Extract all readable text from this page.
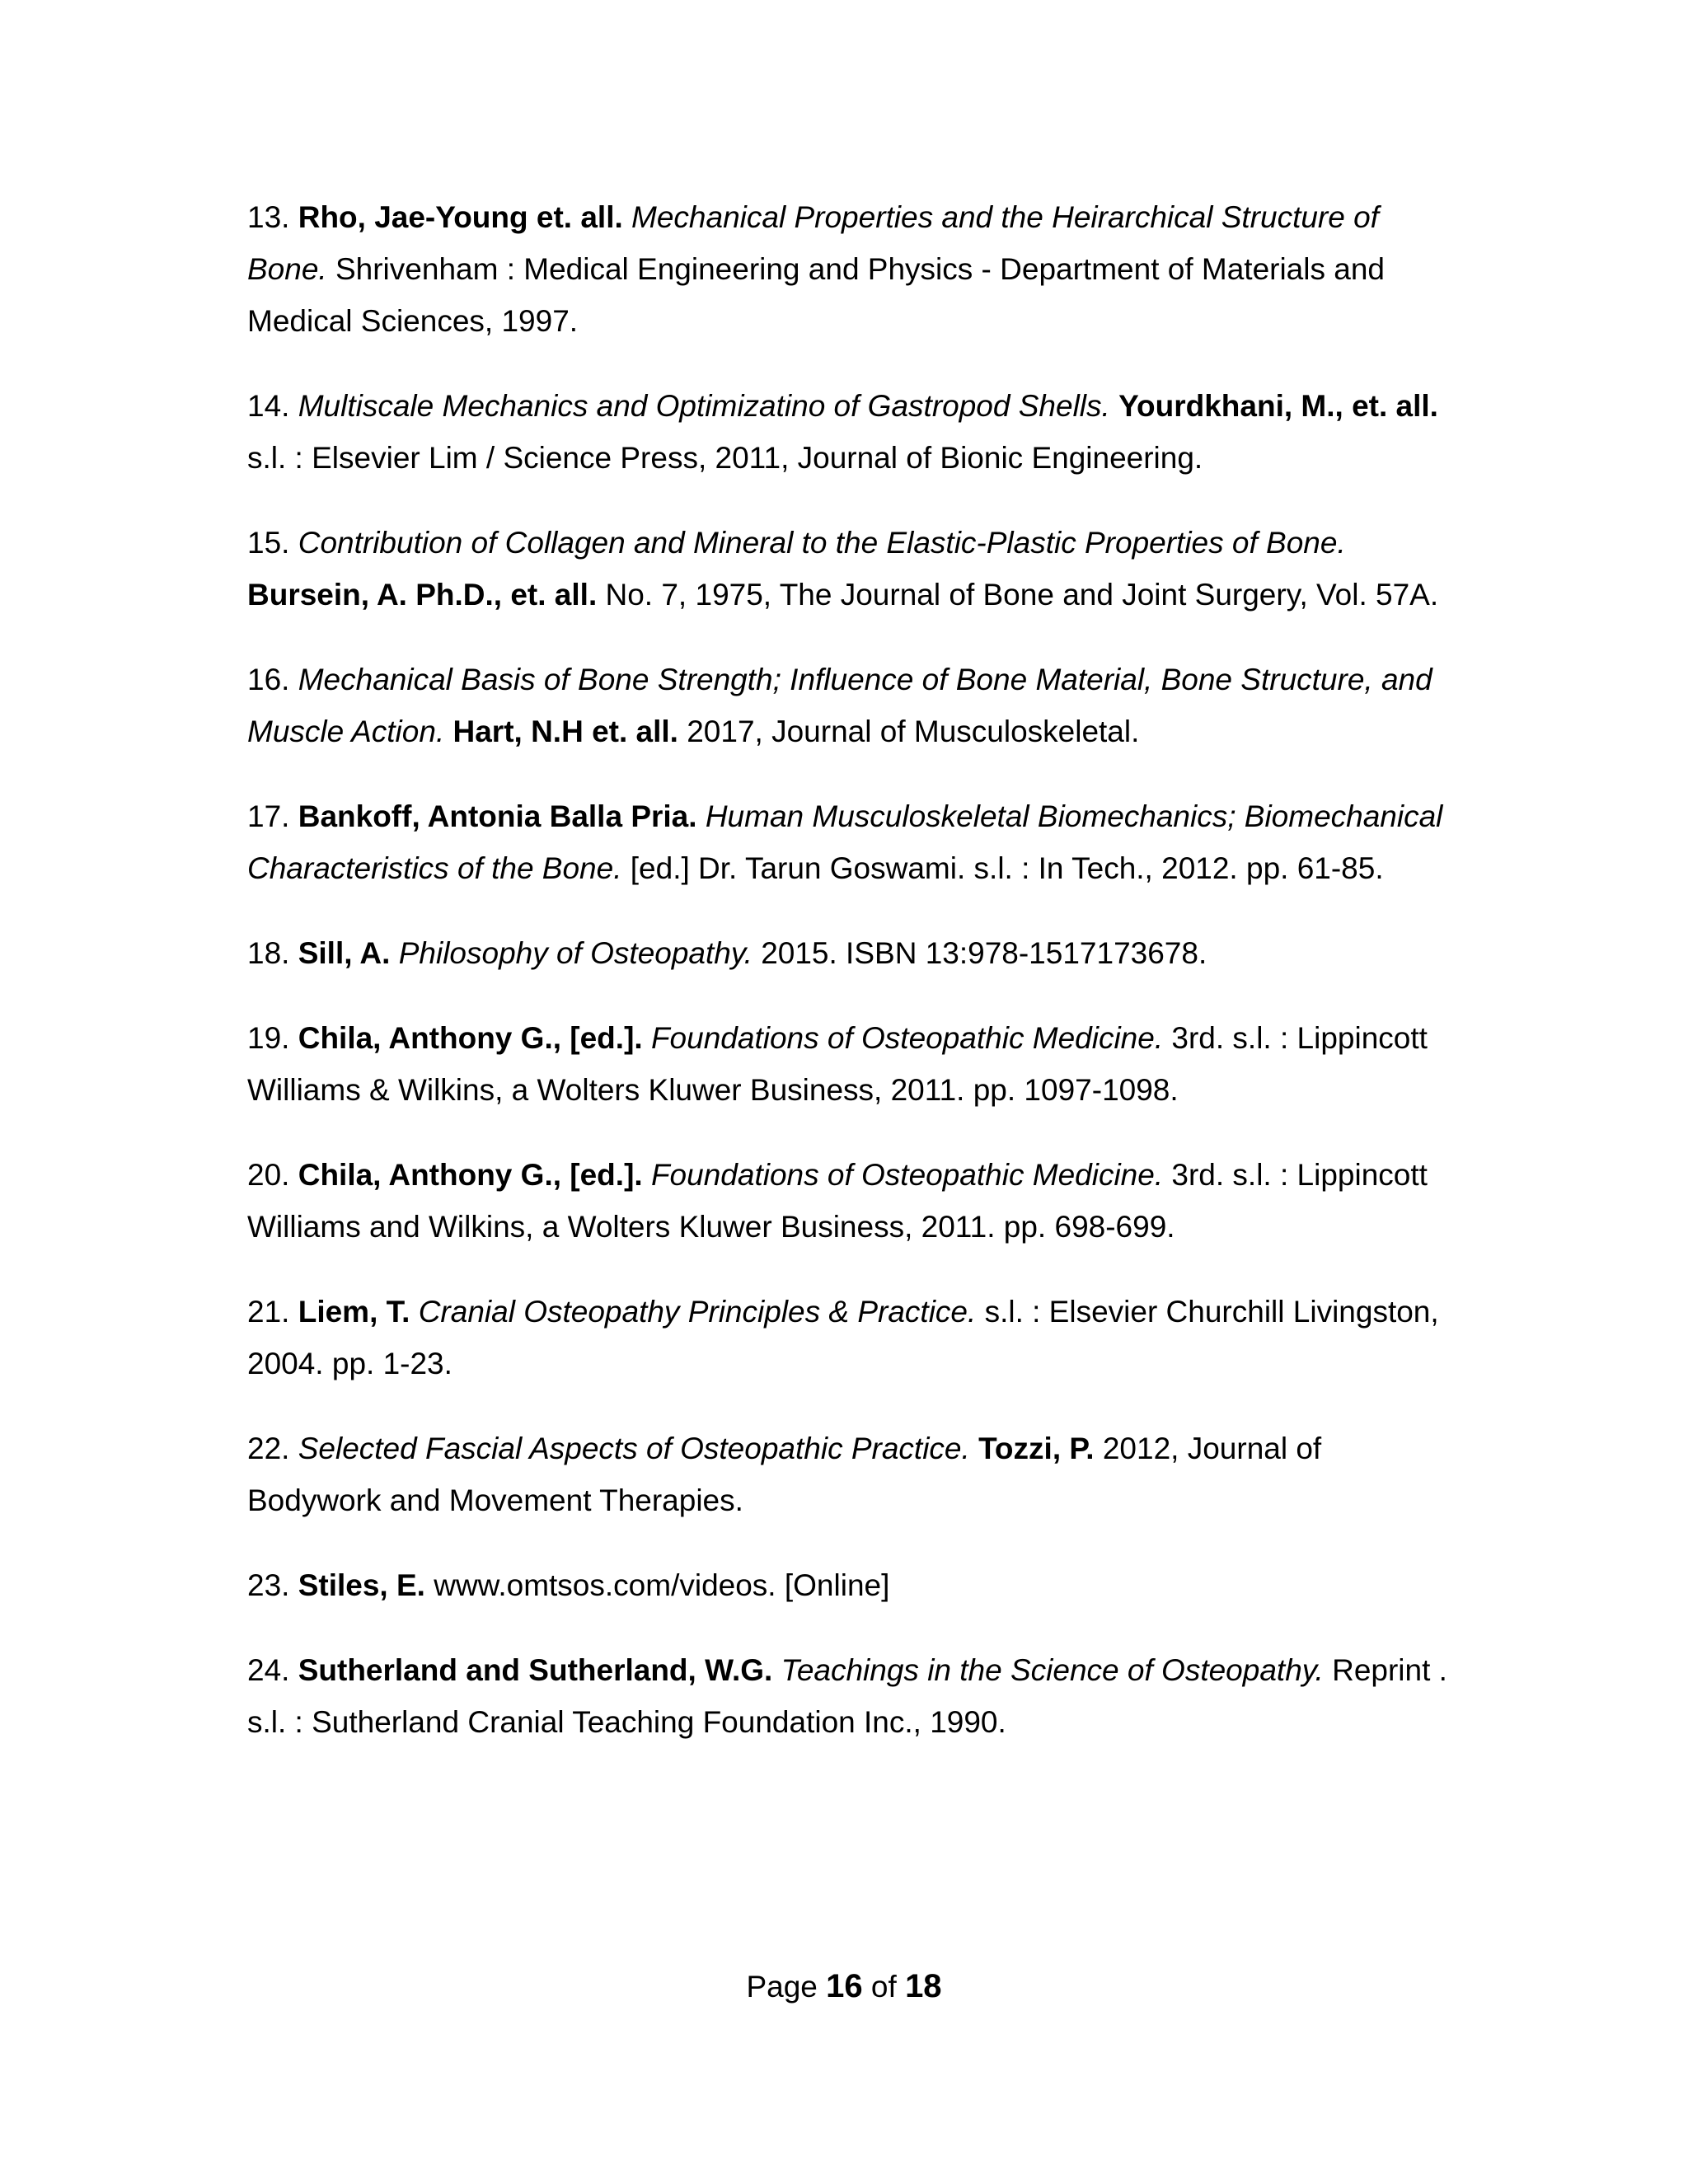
13. Rho, Jae-Young et. all. Mechanical Properties and the Heirarchical Structure of Bone. Shrivenham : Medical Engineering and Physics - Department of Materials and Medical Sciences, 1997.

14. Multiscale Mechanics and Optimizatino of Gastropod Shells. Yourdkhani, M., et. all. s.l. : Elsevier Lim / Science Press, 2011, Journal of Bionic Engineering.

15. Contribution of Collagen and Mineral to the Elastic-Plastic Properties of Bone. Bursein, A. Ph.D., et. all. No. 7, 1975, The Journal of Bone and Joint Surgery, Vol. 57A.

16. Mechanical Basis of Bone Strength; Influence of Bone Material, Bone Structure, and Muscle Action. Hart, N.H et. all. 2017, Journal of Musculoskeletal.

17. Bankoff, Antonia Balla Pria. Human Musculoskeletal Biomechanics; Biomechanical Characteristics of the Bone. [ed.] Dr. Tarun Goswami. s.l. : In Tech., 2012. pp. 61-85.

18. Sill, A. Philosophy of Osteopathy. 2015. ISBN 13:978-1517173678.

19. Chila, Anthony G., [ed.]. Foundations of Osteopathic Medicine. 3rd. s.l. : Lippincott Williams & Wilkins, a Wolters Kluwer Business, 2011. pp. 1097-1098.

20. Chila, Anthony G., [ed.]. Foundations of Osteopathic Medicine. 3rd. s.l. : Lippincott Williams and Wilkins, a Wolters Kluwer Business, 2011. pp. 698-699.

21. Liem, T. Cranial Osteopathy Principles & Practice. s.l. : Elsevier Churchill Livingston, 2004. pp. 1-23.

22. Selected Fascial Aspects of Osteopathic Practice. Tozzi, P. 2012, Journal of Bodywork and Movement Therapies.

23. Stiles, E. www.omtsos.com/videos. [Online]

24. Sutherland and Sutherland, W.G. Teachings in the Science of Osteopathy. Reprint . s.l. : Sutherland Cranial Teaching Foundation Inc., 1990.

Page 16 of 18
